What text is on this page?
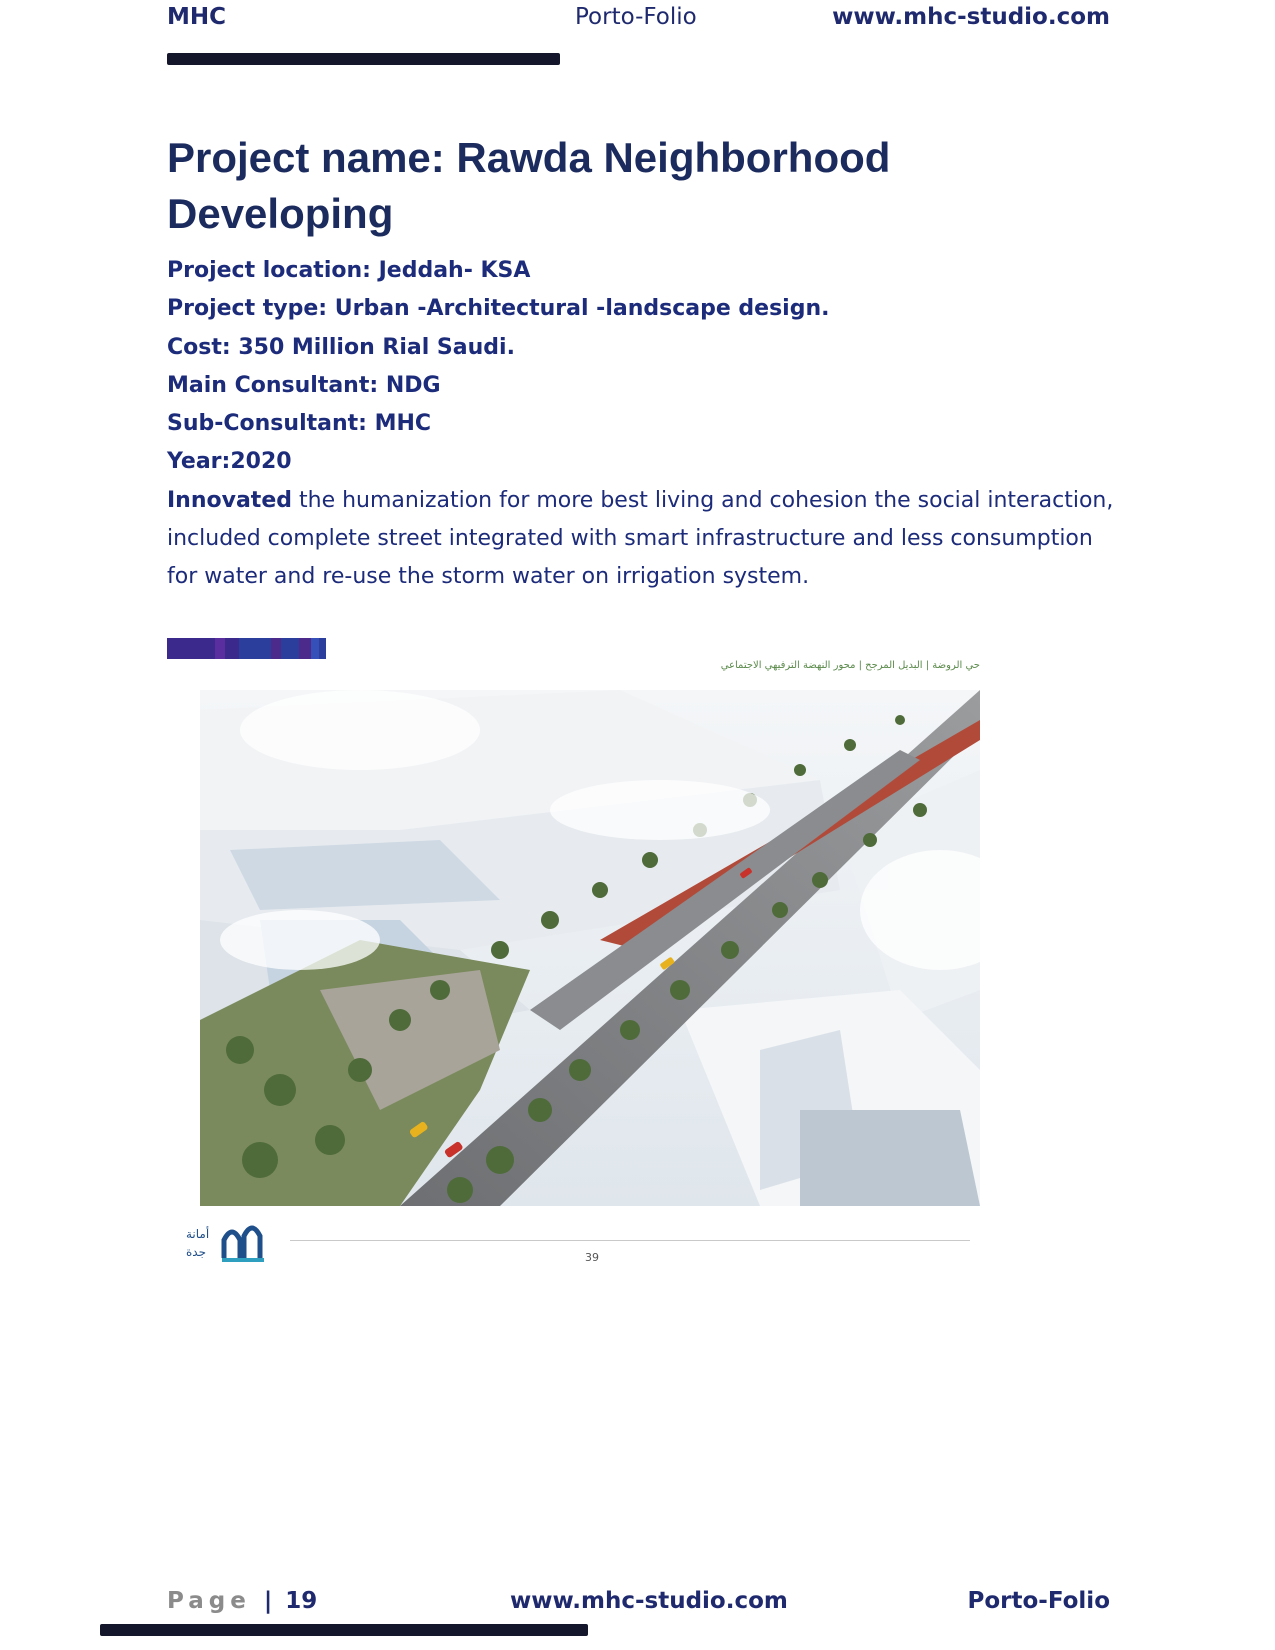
MHC	Porto-Folio	www.mhc-studio.com
Project name: Rawda Neighborhood Developing
Project location: Jeddah- KSA
Project type: Urban -Architectural -landscape design.
Cost: 350 Million Rial Saudi.
Main Consultant: NDG
Sub-Consultant: MHC
Year:2020

Innovated the humanization for more best living and cohesion the social interaction, included complete street integrated with smart infrastructure and less consumption for water and re-use the storm water on irrigation system.

حي الروضة | البديل المرجح | محور النهضة الترفيهي الاجتماعي
أمانة
جدة	39
Page | 19	www.mhc-studio.com	Porto-Folio
